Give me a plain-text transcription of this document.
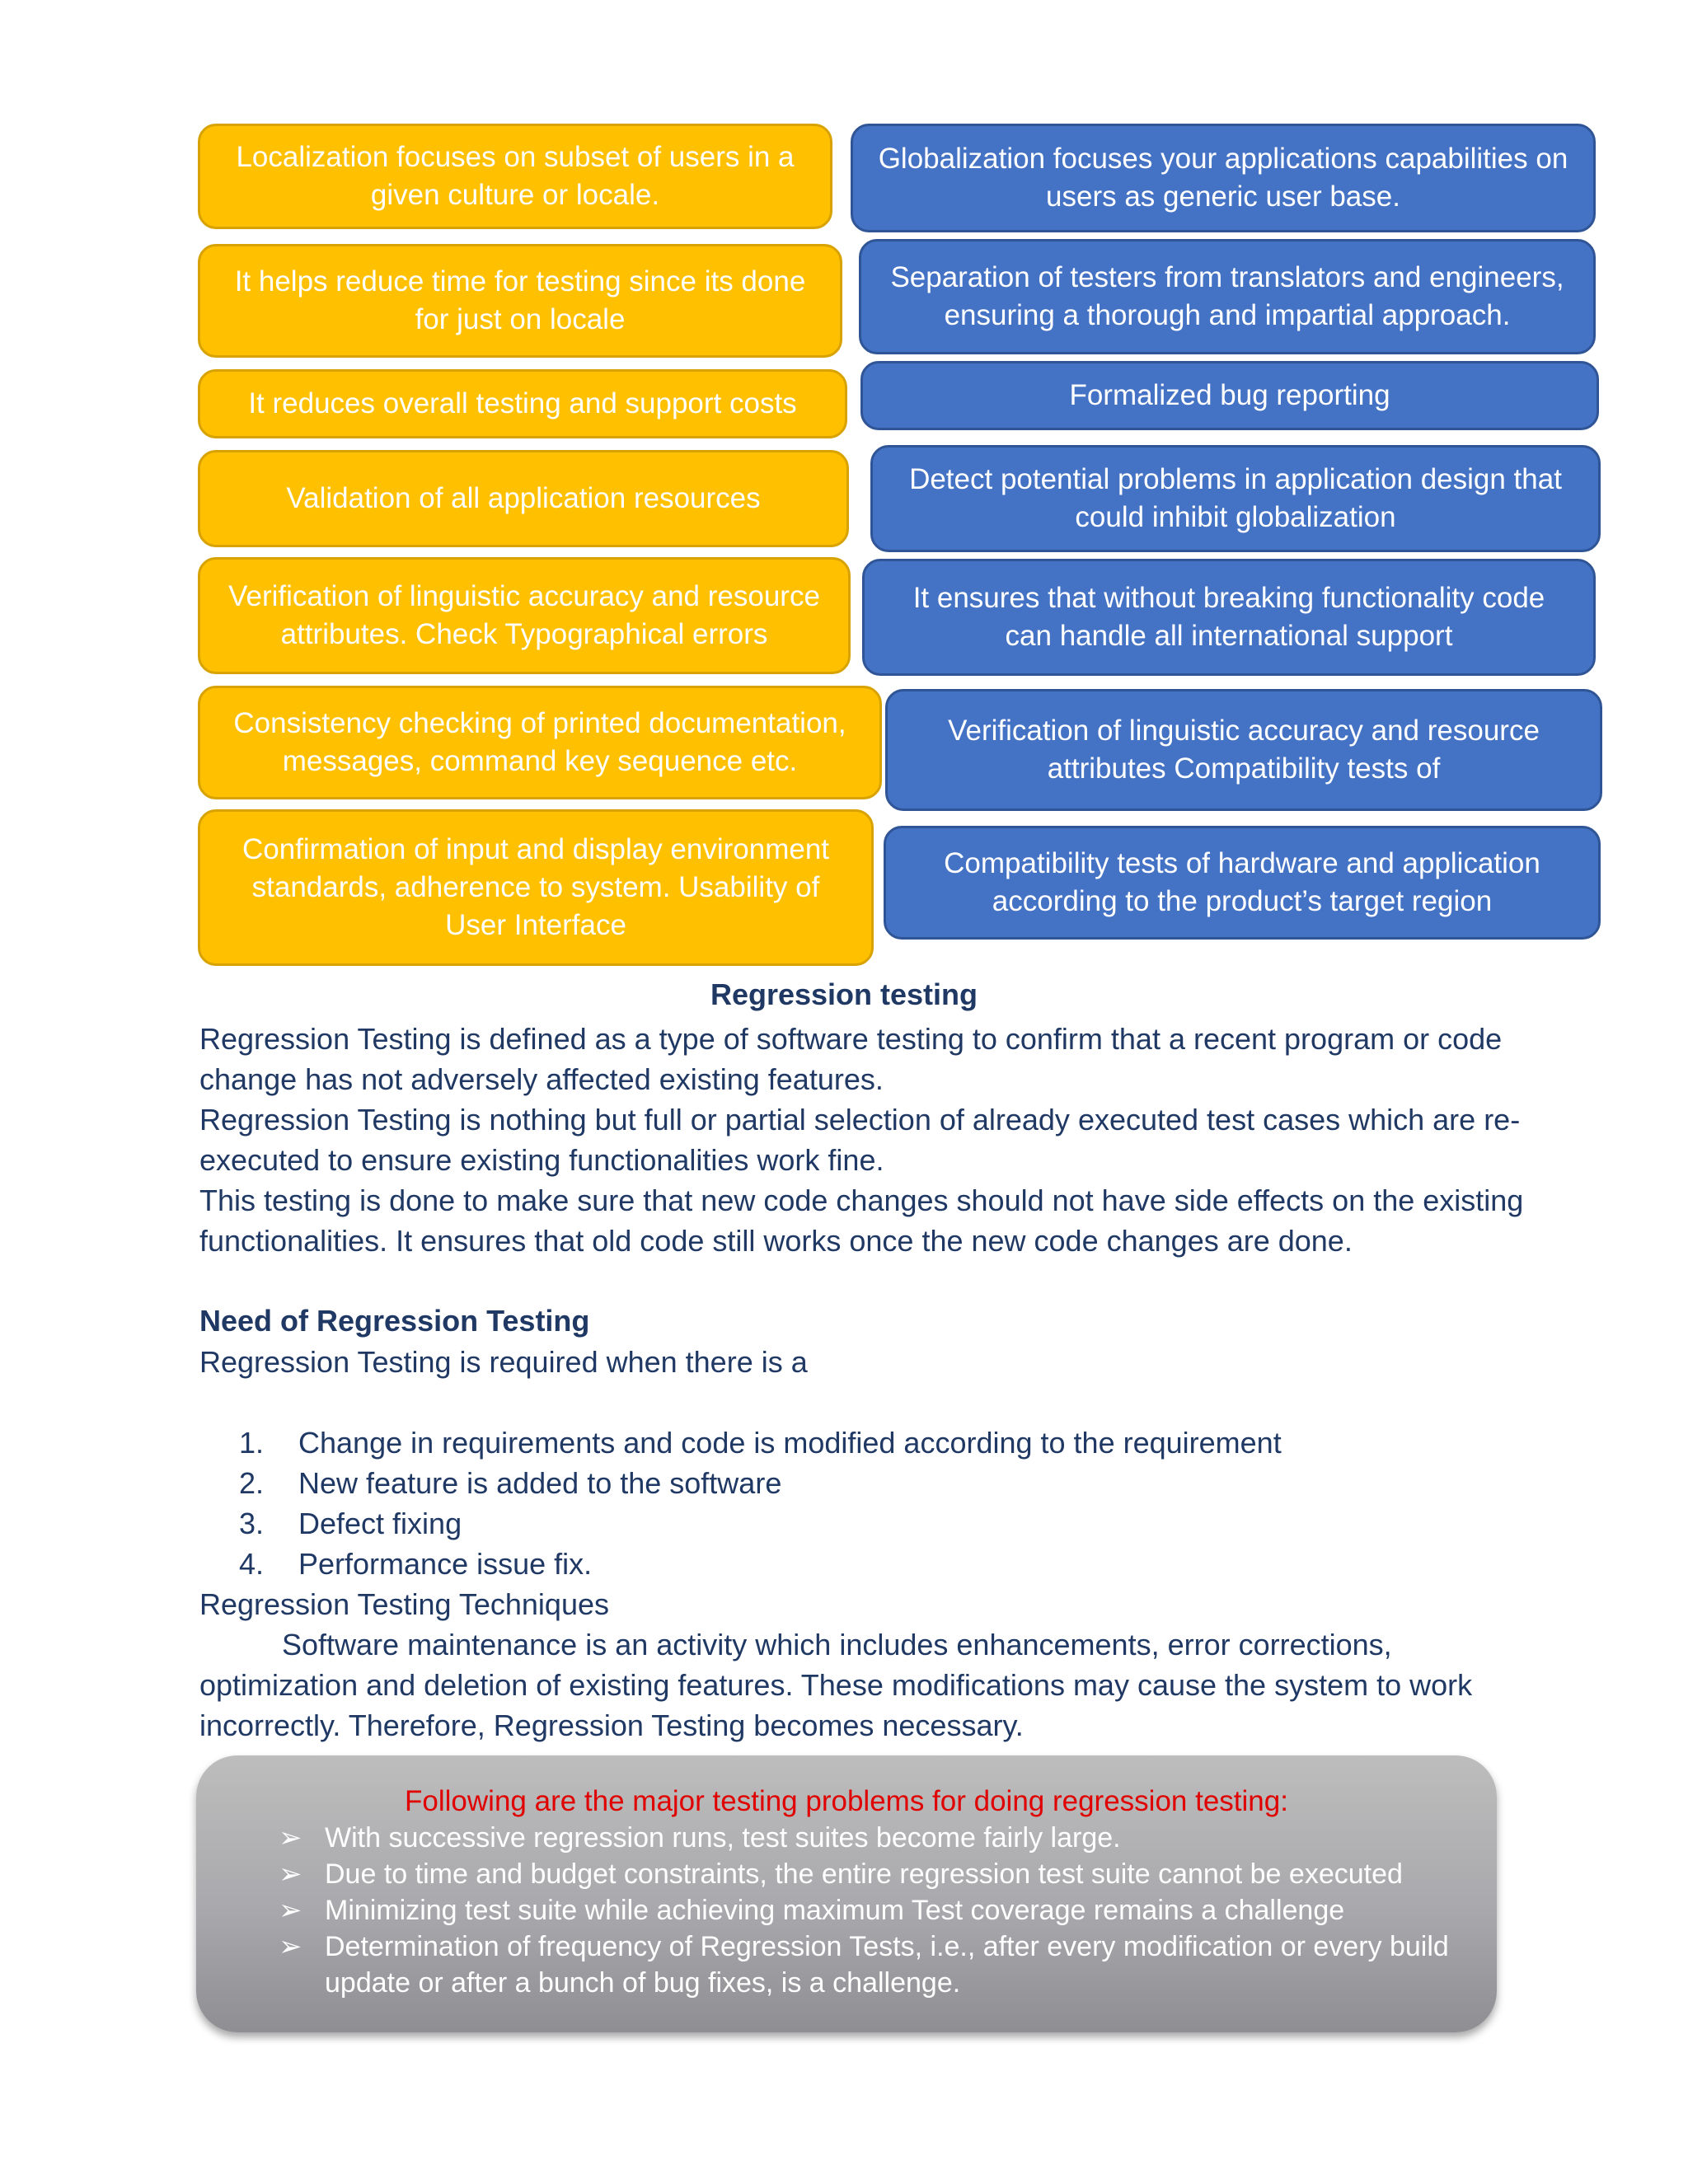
Localization focuses on subset of users in a given culture or locale.
It helps reduce time for testing since its done for just on locale
It reduces overall testing and support costs
Validation of all application resources
Verification of linguistic accuracy and resource attributes. Check Typographical errors
Consistency checking of printed documentation, messages, command key sequence etc.
Confirmation of input and display environment standards, adherence to system. Usability of User Interface
Globalization focuses your applications capabilities on users as generic user base.
Separation of testers from translators and engineers, ensuring a thorough and impartial approach.
Formalized bug reporting
Detect potential problems in application design that could inhibit globalization
It ensures that without breaking functionality code can handle all international support
Verification of linguistic accuracy and resource attributes Compatibility tests of
Compatibility tests of hardware and application according to the product’s target region
Regression testing

Regression Testing is defined as a type of software testing to confirm that a recent program or code change has not adversely affected existing features.

Regression Testing is nothing but full or partial selection of already executed test cases which are re-executed to ensure existing functionalities work fine.

This testing is done to make sure that new code changes should not have side effects on the existing functionalities. It ensures that old code still works once the new code changes are done.

Need of Regression Testing

Regression Testing is required when there is a

1.	Change in requirements and code is modified according to the requirement
2.	New feature is added to the software
3.	Defect fixing
4.	Performance issue fix.

Regression Testing Techniques

Software maintenance is an activity which includes enhancements, error corrections, optimization and deletion of existing features. These modifications may cause the system to work incorrectly. Therefore, Regression Testing becomes necessary.

Following are the major testing problems for doing regression testing:
➢ With successive regression runs, test suites become fairly large.
➢ Due to time and budget constraints, the entire regression test suite cannot be executed
➢ Minimizing test suite while achieving maximum Test coverage remains a challenge
➢ Determination of frequency of Regression Tests, i.e., after every modification or every build update or after a bunch of bug fixes, is a challenge.
